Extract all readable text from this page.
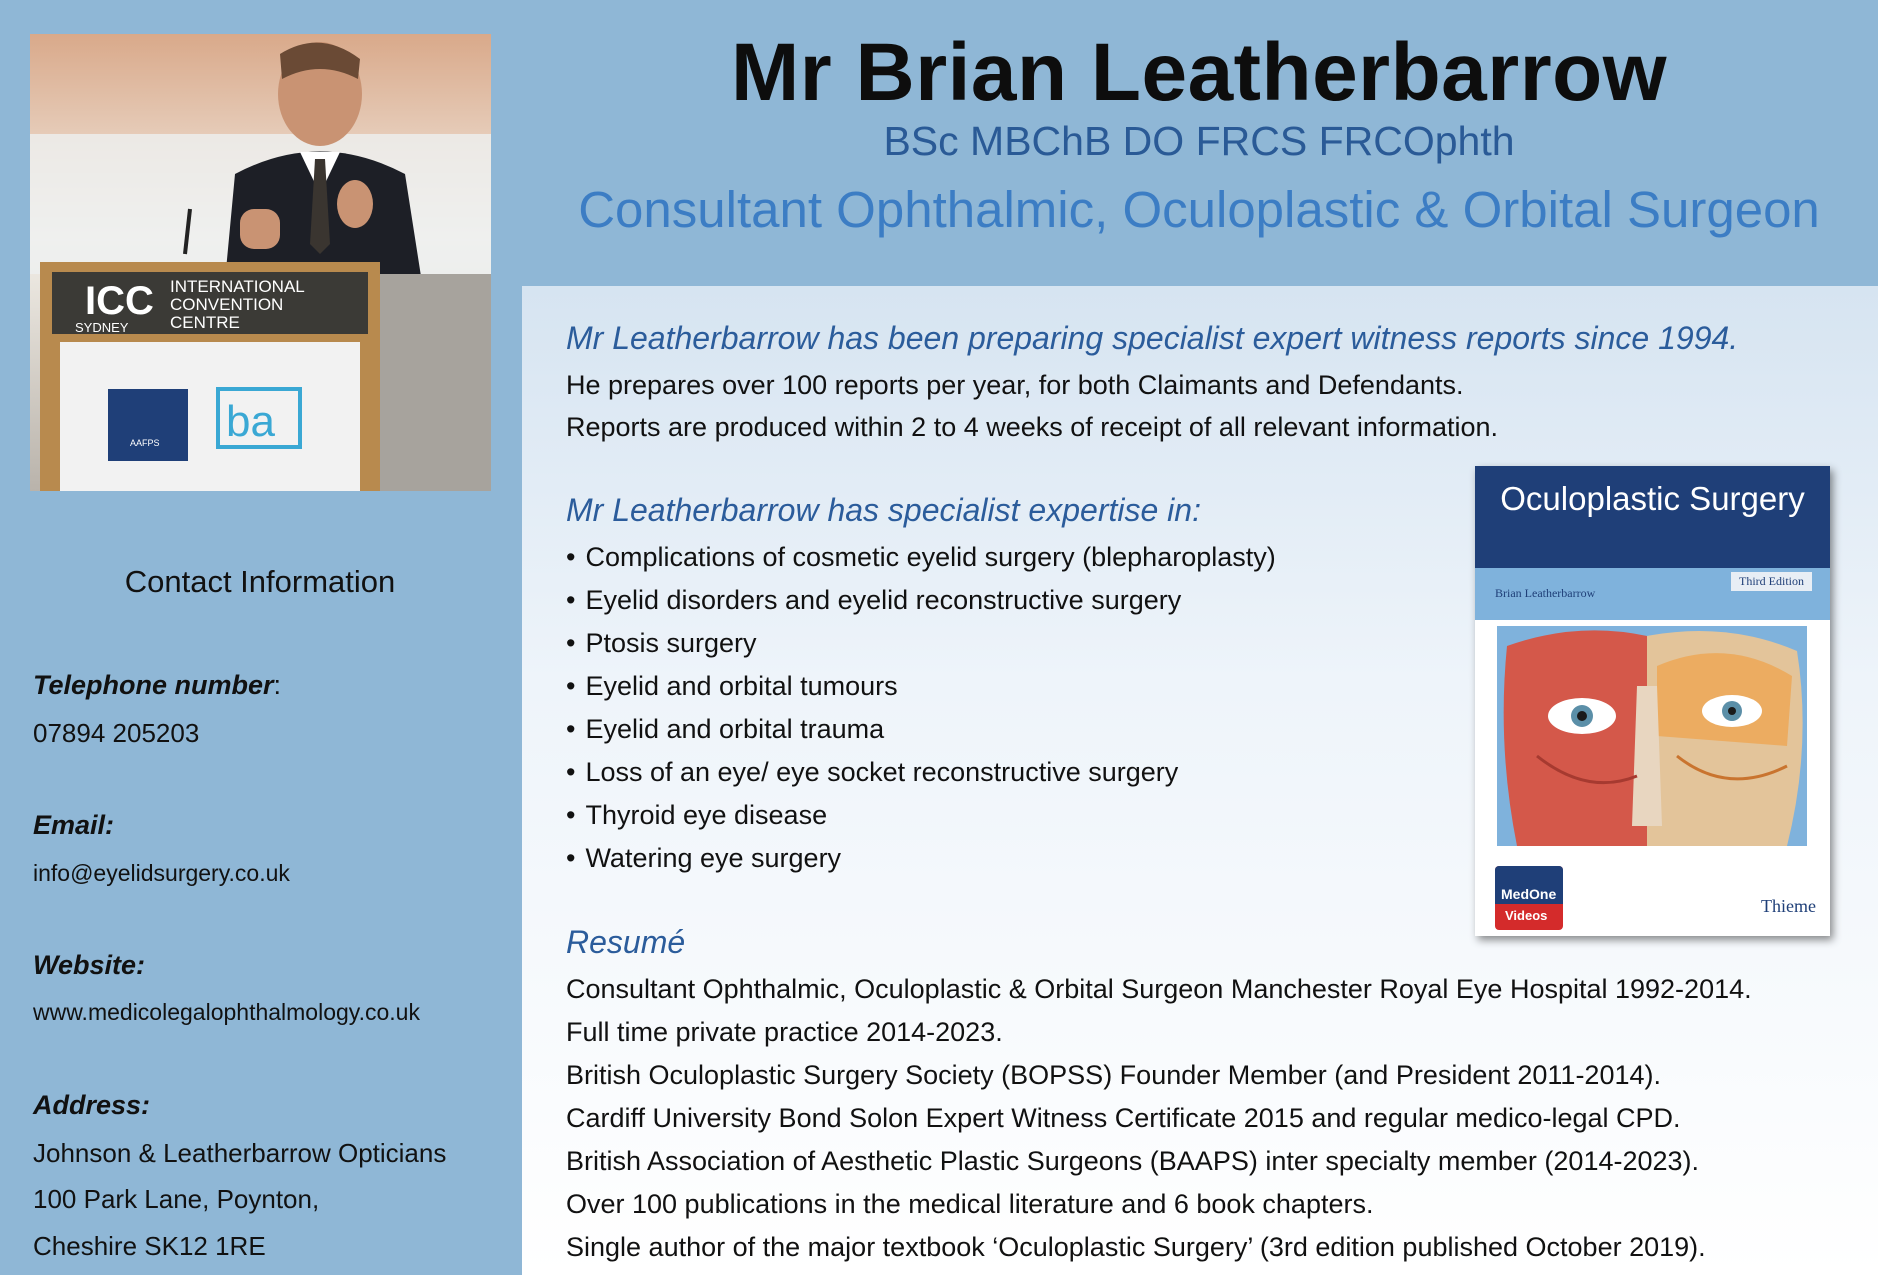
ICC
SYDNEY
INTERNATIONAL
CONVENTION
CENTRE
AAFPS ba
Contact Information
Telephone number:
07894 205203
Email:
info@eyelidsurgery.co.uk
Website:
www.medicolegalophthalmology.co.uk
Address:
Johnson & Leatherbarrow Opticians
100 Park Lane, Poynton,
Cheshire SK12 1RE
Mr Brian Leatherbarrow
BSc MBChB DO FRCS FRCOphth
Consultant Ophthalmic, Oculoplastic & Orbital Surgeon
Mr Leatherbarrow has been preparing specialist expert witness reports since 1994.
He prepares over 100 reports per year, for both Claimants and Defendants.
Reports are produced within 2 to 4 weeks of receipt of all relevant information.
Mr Leatherbarrow has specialist expertise in:
• Complications of cosmetic eyelid surgery (blepharoplasty)
• Eyelid disorders and eyelid reconstructive surgery
• Ptosis surgery
• Eyelid and orbital tumours
• Eyelid and orbital trauma
• Loss of an eye/ eye socket reconstructive surgery
• Thyroid eye disease
• Watering eye surgery
Resumé
Consultant Ophthalmic, Oculoplastic & Orbital Surgeon Manchester Royal Eye Hospital 1992-2014.
Full time private practice 2014-2023.
British Oculoplastic Surgery Society (BOPSS) Founder Member (and President 2011-2014).
Cardiff University Bond Solon Expert Witness Certificate 2015 and regular medico-legal CPD.
British Association of Aesthetic Plastic Surgeons (BAAPS) inter specialty member (2014-2023).
Over 100 publications in the medical literature and 6 book chapters.
Single author of the major textbook ‘Oculoplastic Surgery’ (3rd edition published October 2019).
Oculoplastic Surgery
Brian Leatherbarrow
Third Edition
MedOne
Videos	Thieme
